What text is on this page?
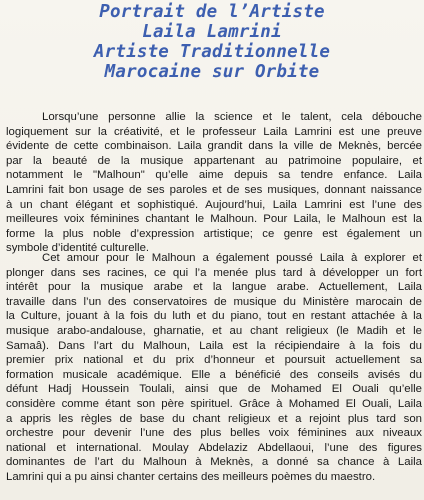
Portrait de l’Artiste
Laila Lamrini
Artiste Traditionnelle
Marocaine sur Orbite
Lorsqu’une personne allie la science et le talent, cela débouche
logiquement sur la créativité, et le professeur Laila Lamrini est une preuve
évidente de cette combinaison. Laila grandit dans la ville de Meknès, bercée
par la beauté de la musique appartenant au patrimoine populaire, et
notamment le "Malhoun" qu’elle aime depuis sa tendre enfance. Laila
Lamrini fait bon usage de ses paroles et de ses musiques, donnant naissance
à un chant élégant et sophistiqué. Aujourd’hui, Laila Lamrini est l’une des
meilleures voix féminines chantant le Malhoun. Pour Laila, le Malhoun est la
forme la plus noble d’expression artistique; ce genre est également un
symbole d’identité culturelle.
Cet amour pour le Malhoun a également poussé Laila à explorer et
plonger dans ses racines, ce qui l’a menée plus tard à développer un fort
intérêt pour la musique arabe et la langue arabe. Actuellement, Laila
travaille dans l’un des conservatoires de musique du Ministère marocain de
la Culture, jouant à la fois du luth et du piano, tout en restant attachée à la
musique arabo-andalouse, gharnatie, et au chant religieux (le Madih et le
Samaâ). Dans l’art du Malhoun, Laila est la récipiendaire à la fois du
premier prix national et du prix d’honneur et poursuit actuellement sa
formation musicale académique. Elle a bénéficié des conseils avisés du
défunt Hadj Houssein Toulali, ainsi que de Mohamed El Ouali qu’elle
considère comme étant son père spirituel. Grâce à Mohamed El Ouali, Laila
a appris les règles de base du chant religieux et a rejoint plus tard son
orchestre pour devenir l’une des plus belles voix féminines aux niveaux
national et international. Moulay Abdelaziz Abdellaoui, l’une des figures
dominantes de l’art du Malhoun à Meknès, a donné sa chance à Laila
Lamrini qui a pu ainsi chanter certains des meilleurs poèmes du maestro.
